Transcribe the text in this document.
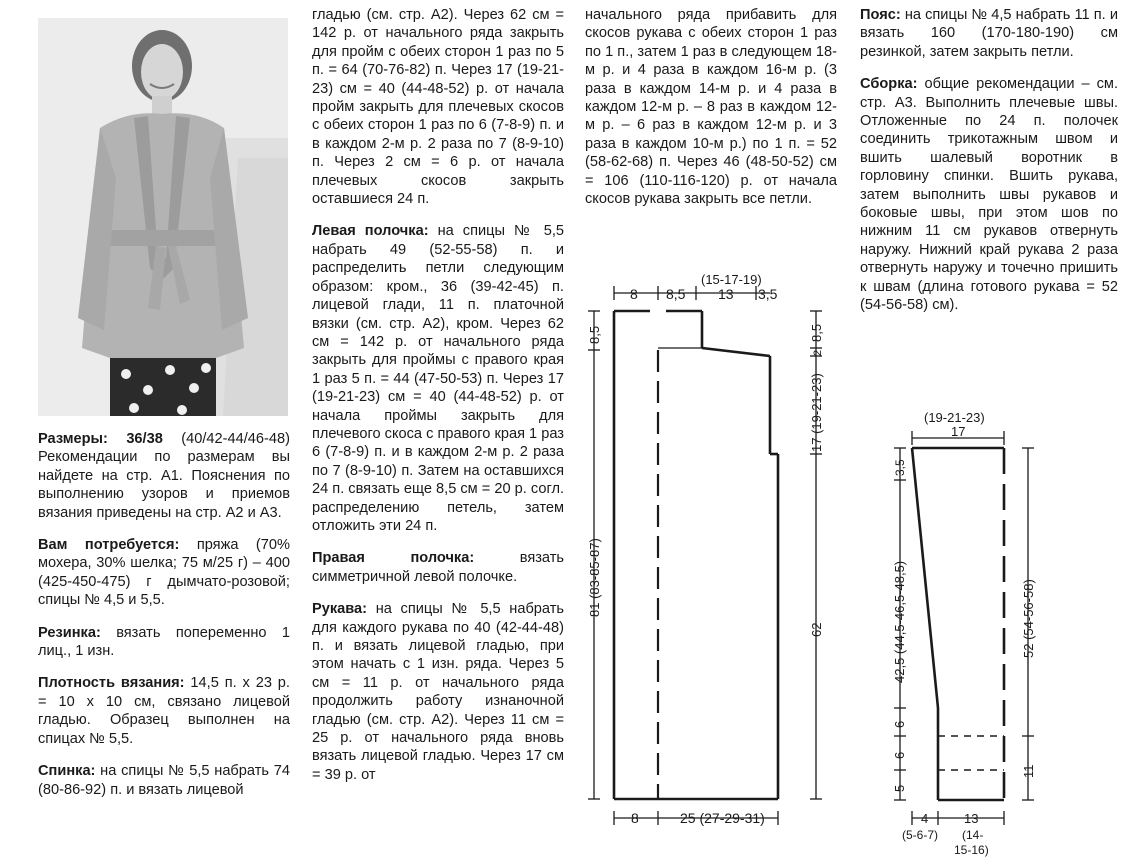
Размеры: 36/38 (40/42-44/46-48) Рекомендации по размерам вы найдете на стр. А1. Пояснения по выполнению узоров и приемов вязания приведены на стр. А2 и А3.

Вам потребуется: пряжа (70% мохера, 30% шелка; 75 м/25 г) – 400 (425-450-475) г дымчато-розовой; спицы № 4,5 и 5,5.

Резинка: вязать попеременно 1 лиц., 1 изн.

Плотность вязания: 14,5 п. х 23 р. = 10 х 10 см, связано лицевой гладью. Образец выполнен на спицах № 5,5.

Спинка: на спицы № 5,5 набрать 74 (80-86-92) п. и вязать лицевой

гладью (см. стр. А2). Через 62 см = 142 р. от начального ряда закрыть для пройм с обеих сторон 1 раз по 5 п. = 64 (70-76-82) п. Через 17 (19-21-23) см = 40 (44-48-52) р. от начала пройм закрыть для плечевых скосов с обеих сторон 1 раз по 6 (7-8-9) п. и в каждом 2-м р. 2 раза по 7 (8-9-10) п. Через 2 см = 6 р. от начала плечевых скосов закрыть оставшиеся 24 п.

Левая полочка: на спицы № 5,5 набрать 49 (52-55-58) п. и распределить петли следующим образом: кром., 36 (39-42-45) п. лицевой глади, 11 п. платочной вязки (см. стр. А2), кром. Через 62 см = 142 р. от начального ряда закрыть для проймы с правого края 1 раз 5 п. = 44 (47-50-53) п. Через 17 (19-21-23) см = 40 (44-48-52) р. от начала проймы закрыть для плечевого скоса с правого края 1 раз 6 (7-8-9) п. и в каждом 2-м р. 2 раза по 7 (8-9-10) п. Затем на оставшихся 24 п. связать еще 8,5 см = 20 р. согл. распределению петель, затем отложить эти 24 п.

Правая полочка: вязать симметричной левой полочке.

Рукава: на спицы № 5,5 набрать для каждого рукава по 40 (42-44-48) п. и вязать лицевой гладью, при этом начать с 1 изн. ряда. Через 5 см = 11 р. от начального ряда продолжить работу изнаночной гладью (см. стр. А2). Через 11 см = 25 р. от начального ряда вновь вязать лицевой гладью. Через 17 см = 39 р. от

начального ряда прибавить для скосов рукава с обеих сторон 1 раз по 1 п., затем 1 раз в следующем 18-м р. и 4 раза в каждом 16-м р. (3 раза в каждом 14-м р. и 4 раза в каждом 12-м р. – 8 раз в каждом 12-м р. – 6 раз в каждом 12-м р. и 3 раза в каждом 10-м р.) по 1 п. = 52 (58-62-68) п. Через 46 (48-50-52) см = 106 (110-116-120) р. от начала скосов рукава закрыть все петли.

Пояс: на спицы № 4,5 набрать 11 п. и вязать 160 (170-180-190) см резинкой, затем закрыть петли.

Сборка: общие рекомендации – см. стр. А3. Выполнить плечевые швы. Отложенные по 24 п. полочек соединить трикотажным швом и вшить шалевый воротник в горловину спинки. Вшить рукава, затем выполнить швы рукавов и боковые швы, при этом шов по нижним 11 см рукавов отвернуть наружу. Нижний край рукава 2 раза отвернуть наружу и точечно пришить к швам (длина готового рукава = 52 (54-56-58) см).

8 8,5
(15-17-19)
13 3,5
8,5
81 (83-85-87)
8,5
2
17 (19-21-23)
62
8	25 (27-29-31)
(19-21-23)
17
3,5
42,5 (44,5-46,5-48,5)
6
6
5
52 (54-56-58)
11
4
(5-6-7)
13
(14-
15-16)
